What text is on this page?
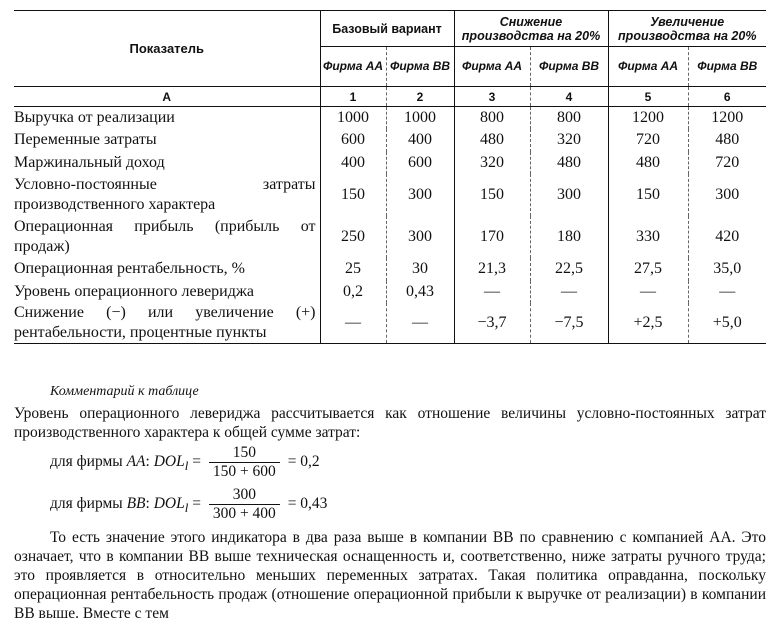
Показатель	Базовый вариант		Снижение производства на 20%		Увеличение производства на 20%	
	Фирма АА	Фирма ВВ	Фирма АА	Фирма ВВ	Фирма АА	Фирма ВВ
А	1	2	3	4	5	6
Выручка от реализации	1000	1000	800	800	1200	1200
Переменные затраты	600	400	480	320	720	480
Маржинальный доход	400	600	320	480	480	720
Условно-постоянные затраты производственного характера	150	300	150	300	150	300
Операционная прибыль (прибыль от продаж)	250	300	170	180	330	420
Операционная рентабельность, %	25	30	21,3	22,5	27,5	35,0
Уровень операционного левериджа	0,2	0,43	—	—	—	—
Снижение (−) или увеличение (+) рентабельности, процентные пункты	—	—	−3,7	−7,5	+2,5	+5,0
Комментарий к таблице

Уровень операционного левериджа рассчитывается как отношение величины условно-постоянных затрат производственного характера к общей сумме затрат:

для фирмы АА: $DOL_l = \frac{150}{150 + 600} = 0,2$
для фирмы ВВ: $DOL_l = \frac{300}{300 + 400} = 0,43$

То есть значение этого индикатора в два раза выше в компании ВВ по сравнению с компанией АА. Это означает, что в компании ВВ выше техническая оснащенность и, соответственно, ниже затраты ручного труда; это проявляется в относительно меньших переменных затратах. Такая политика оправданна, поскольку операционная рентабельность продаж (отношение операционной прибыли к выручке от реализации) в компании ВВ выше. Вместе с тем
